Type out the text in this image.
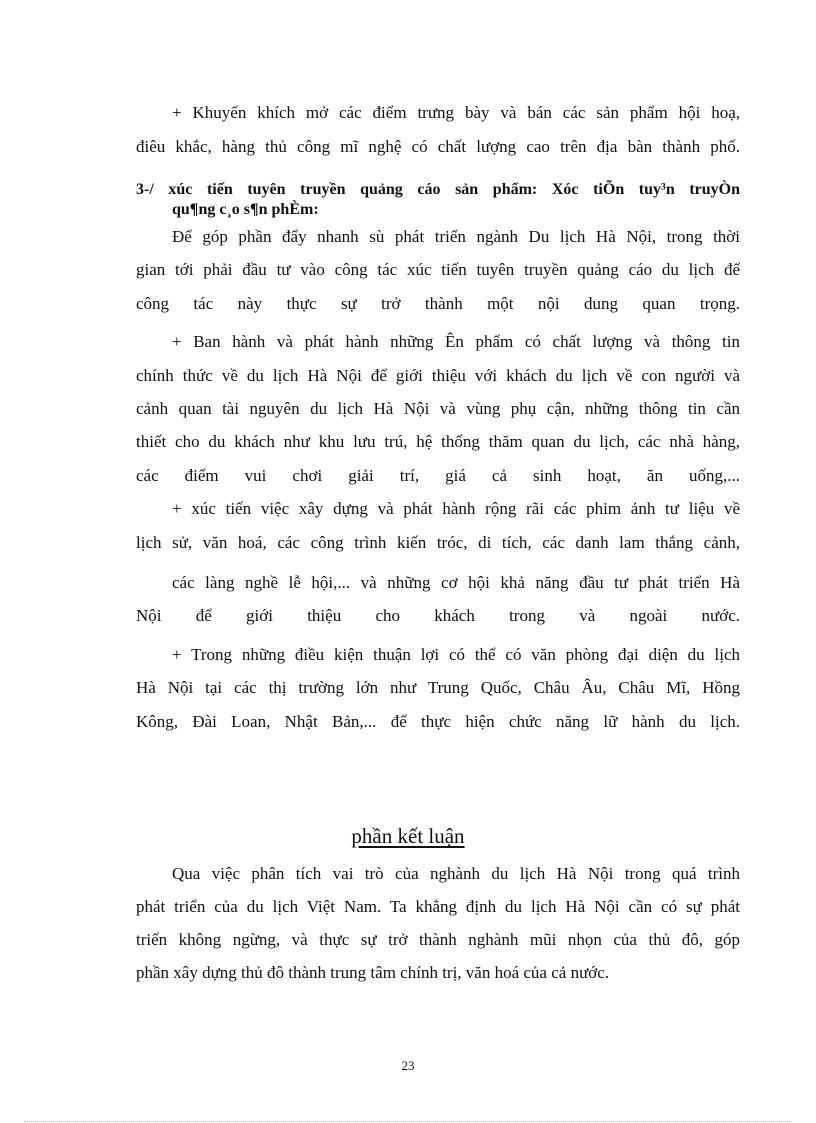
+ Khuyến khích mở các điểm trưng bày và bán các sản phẩm hội hoạ,
điêu khắc, hàng thủ công mĩ nghệ có chất lượng cao trên địa bàn thành phố.
3-/ xúc tiến tuyên truyền quảng cáo sản phẩm: Xóc tiÕn tuy³n truyÒn
qu¶ng c¸o s¶n phÈm:
Để góp phần đẩy nhanh sù phát triển ngành Du lịch Hà Nội, trong thời
gian tới phải đầu tư vào công tác xúc tiến tuyên truyền quảng cáo du lịch để
công tác này thực sự trở thành một nội dung quan trọng.
+ Ban hành và phát hành những Ên phẩm có chất lượng và thông tin
chính thức về du lịch Hà Nội để giới thiệu với khách du lịch về con người và
cảnh quan tài nguyên du lịch Hà Nội và vùng phụ cận, những thông tin cần
thiết cho du khách như khu lưu trú, hệ thống thăm quan du lịch, các nhà hàng,
các điểm vui chơi giải trí, giá cả sinh hoạt, ăn uống,...
+ xúc tiến việc xây dựng và phát hành rộng rãi các phim ảnh tư liệu về
lịch sử, văn hoá, các công trình kiến tróc, di tích, các danh lam thắng cảnh,
các làng nghề lễ hội,... và những cơ hội khả năng đầu tư phát triển Hà
Nội để giới thiệu cho khách trong và ngoài nước.
+ Trong những điều kiện thuận lợi có thể có văn phòng đại diện du lịch
Hà Nội tại các thị trường lớn như Trung Quốc, Châu Âu, Châu Mĩ, Hồng
Kông, Đài Loan, Nhật Bản,... để thực hiện chức năng lữ hành du lịch.
phần kết luận
Qua việc phân tích vai trò của nghành du lịch Hà Nội trong quá trình
phát triển của du lịch Việt Nam. Ta khẳng định du lịch Hà Nội cần có sự phát
triển không ngừng, và thực sự trở thành nghành mũi nhọn của thủ đô, góp
phần xây dựng thủ đô thành trung tâm chính trị, văn hoá của cả nước.
23
